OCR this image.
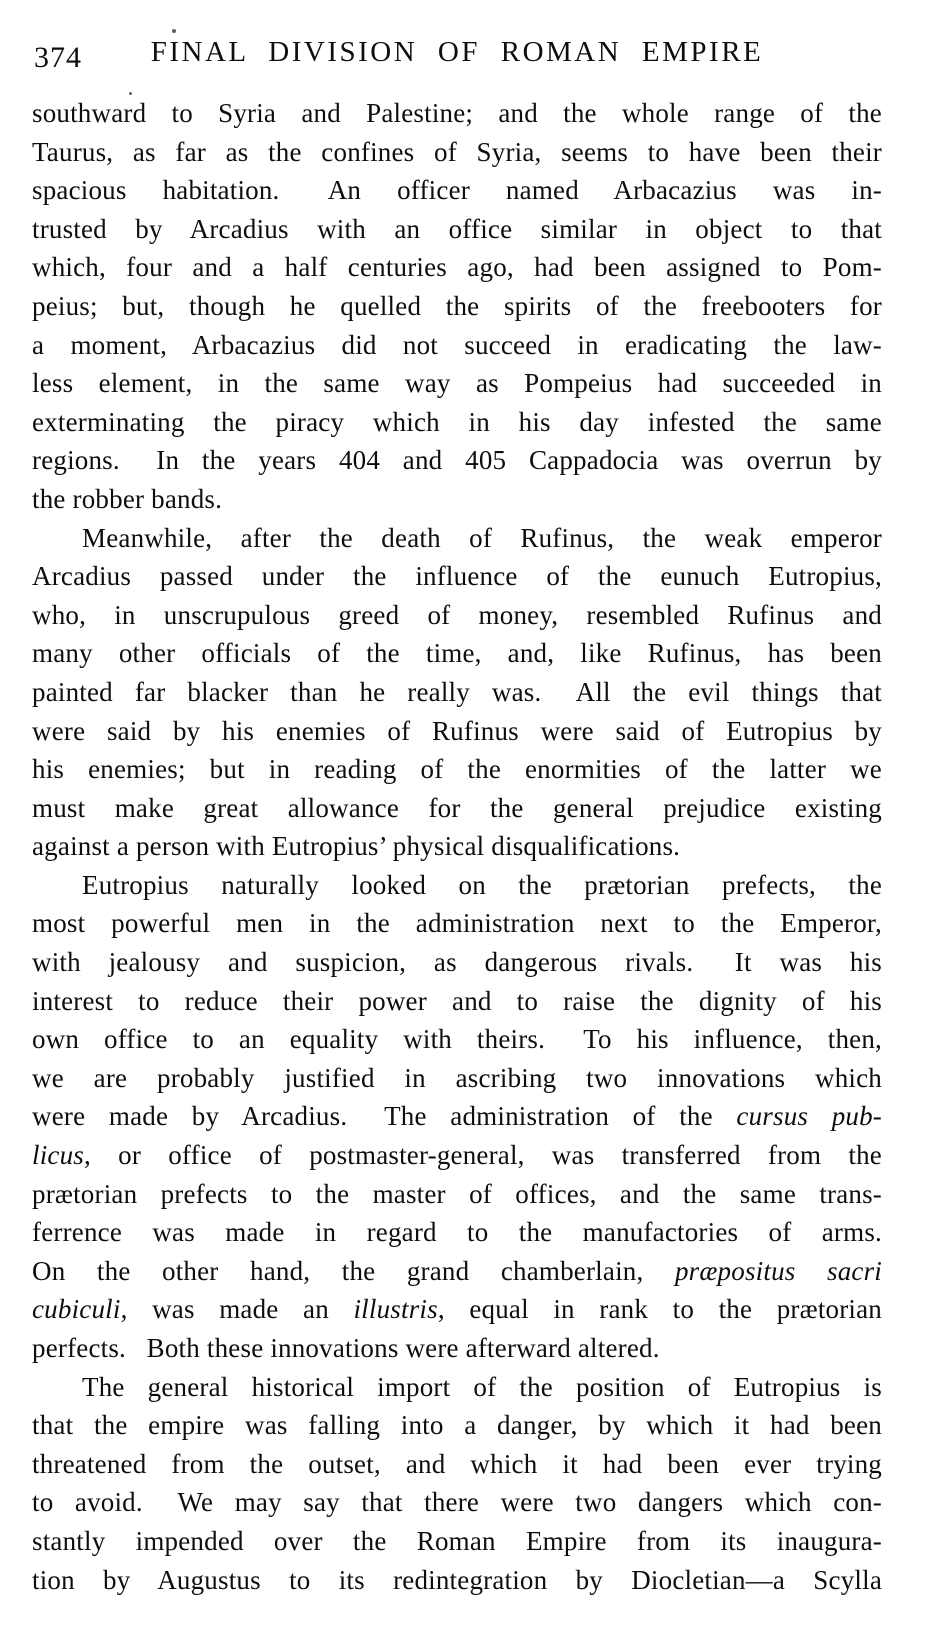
374	FINAL DIVISION OF ROMAN EMPIRE
southward to Syria and Palestine; and the whole range of the
Taurus, as far as the confines of Syria, seems to have been their
spacious habitation.  An officer named Arbacazius was in-
trusted by Arcadius with an office similar in object to that
which, four and a half centuries ago, had been assigned to Pom-
peius; but, though he quelled the spirits of the freebooters for
a moment, Arbacazius did not succeed in eradicating the law-
less element, in the same way as Pompeius had succeeded in
exterminating the piracy which in his day infested the same
regions.  In the years 404 and 405 Cappadocia was overrun by
the robber bands.
Meanwhile, after the death of Rufinus, the weak emperor
Arcadius passed under the influence of the eunuch Eutropius,
who, in unscrupulous greed of money, resembled Rufinus and
many other officials of the time, and, like Rufinus, has been
painted far blacker than he really was.  All the evil things that
were said by his enemies of Rufinus were said of Eutropius by
his enemies; but in reading of the enormities of the latter we
must make great allowance for the general prejudice existing
against a person with Eutropius’ physical disqualifications.
Eutropius naturally looked on the prætorian prefects, the
most powerful men in the administration next to the Emperor,
with jealousy and suspicion, as dangerous rivals.  It was his
interest to reduce their power and to raise the dignity of his
own office to an equality with theirs.  To his influence, then,
we are probably justified in ascribing two innovations which
were made by Arcadius.  The administration of the cursus pub-
licus, or office of postmaster-general, was transferred from the
prætorian prefects to the master of offices, and the same trans-
ferrence was made in regard to the manufactories of arms.
On the other hand, the grand chamberlain, præpositus sacri
cubiculi, was made an illustris, equal in rank to the prætorian
perfects.  Both these innovations were afterward altered.
The general historical import of the position of Eutropius is
that the empire was falling into a danger, by which it had been
threatened from the outset, and which it had been ever trying
to avoid.  We may say that there were two dangers which con-
stantly impended over the Roman Empire from its inaugura-
tion by Augustus to its redintegration by Diocletian—a Scylla
